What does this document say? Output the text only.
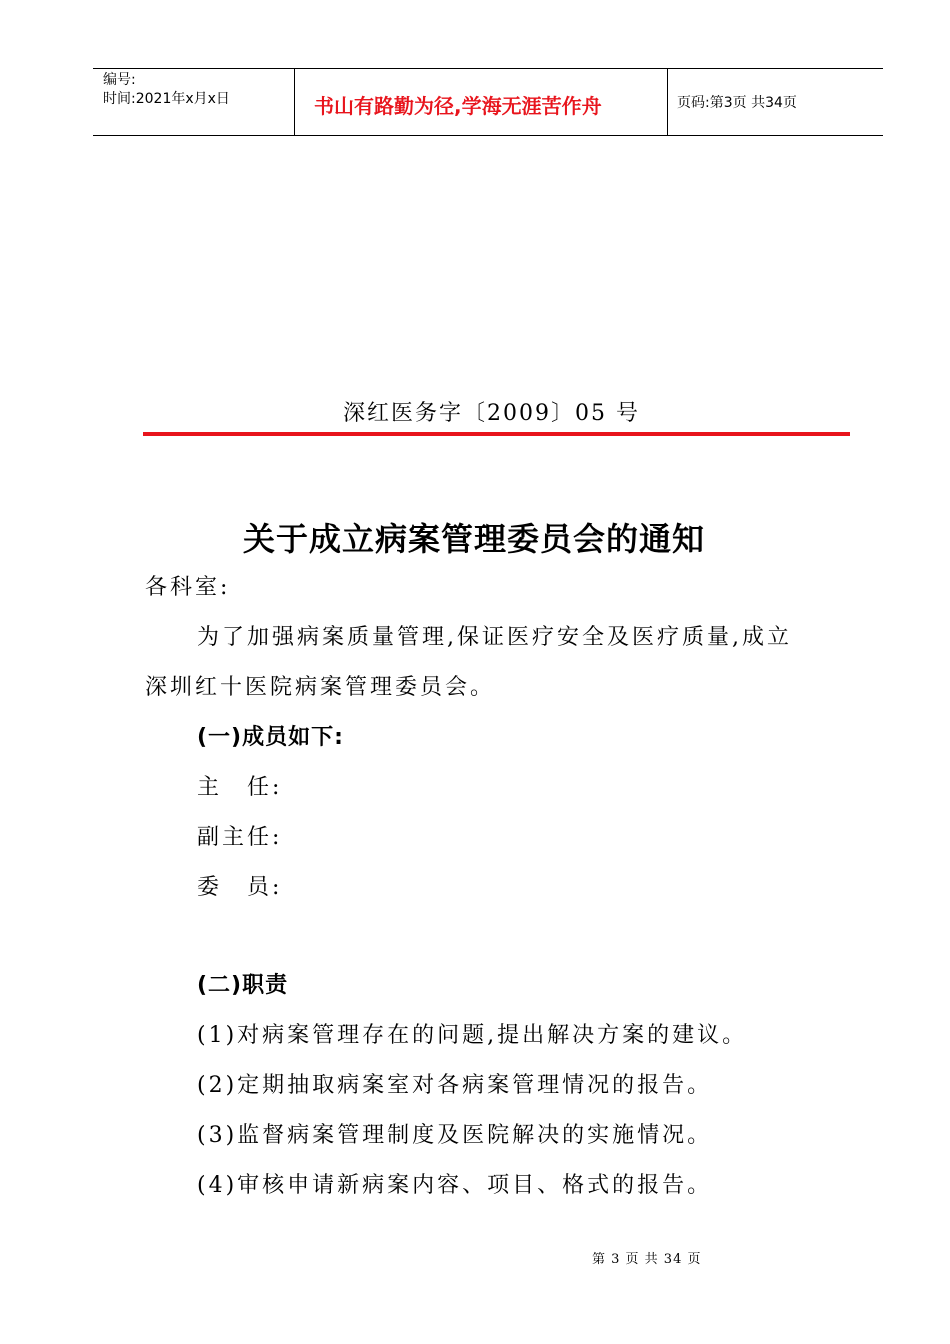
编号:
时间:2021年x月x日	书山有路勤为径,学海无涯苦作舟	页码:第3页 共34页
深红医务字〔2009〕05 号
关于成立病案管理委员会的通知
各科室:
为了加强病案质量管理,保证医疗安全及医疗质量,成立
深圳红十医院病案管理委员会。
(一)成员如下:
主　任:
副主任:
委　员:
(二)职责
(1)对病案管理存在的问题,提出解决方案的建议。
(2)定期抽取病案室对各病案管理情况的报告。
(3)监督病案管理制度及医院解决的实施情况。
(4)审核申请新病案内容、项目、格式的报告。
第 3 页 共 34 页
